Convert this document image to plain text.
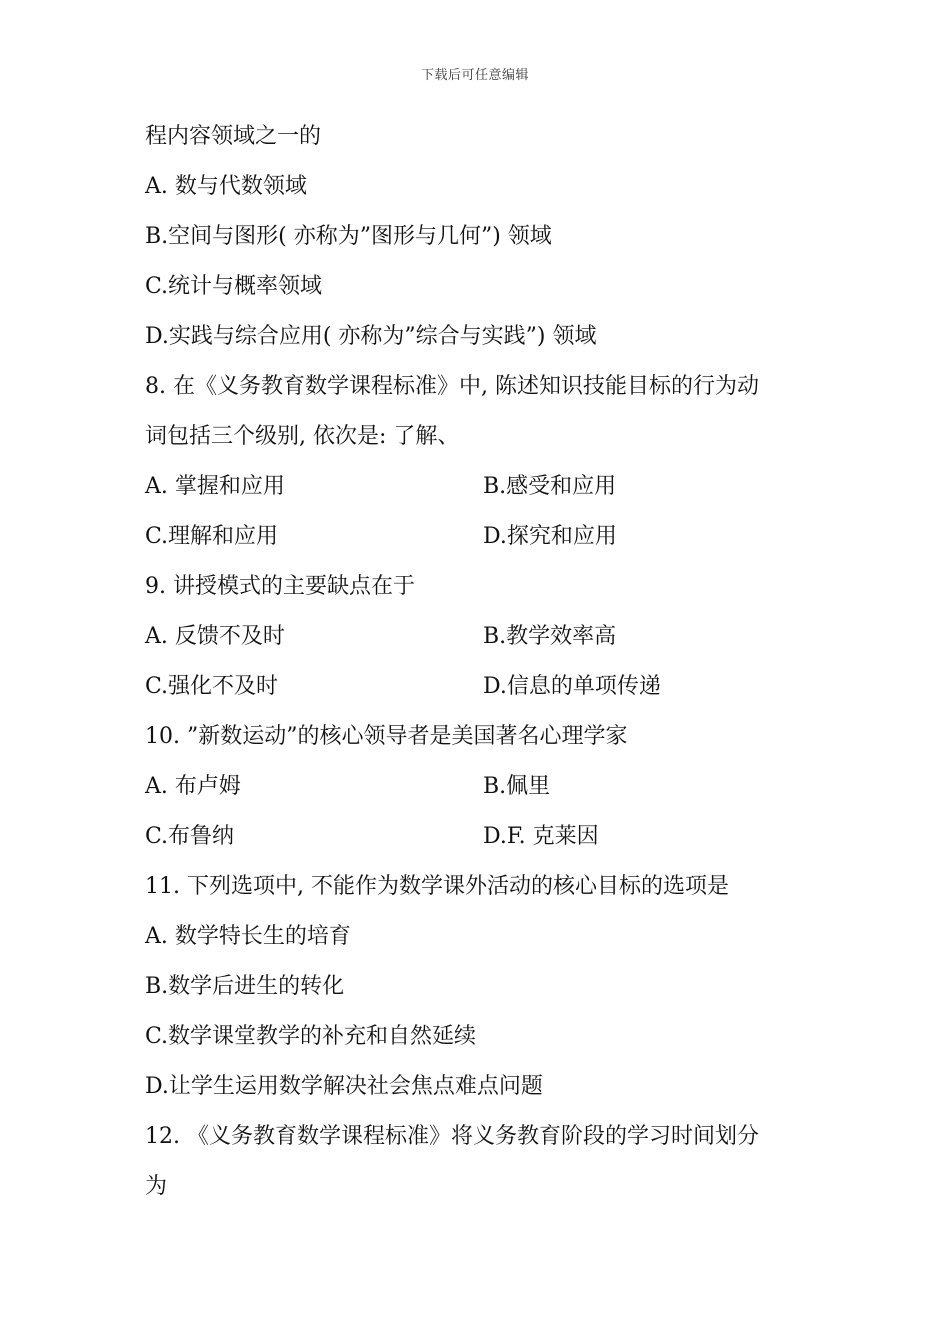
下载后可任意编辑
程内容领域之一的
A. 数与代数领域
B.空间与图形( 亦称为”图形与几何”) 领域
C.统计与概率领域
D.实践与综合应用( 亦称为”综合与实践”) 领域
8. 在《义务教育数学课程标准》中, 陈述知识技能目标的行为动
词包括三个级别, 依次是: 了解、
A. 掌握和应用	B.感受和应用
C.理解和应用	D.探究和应用
9. 讲授模式的主要缺点在于
A. 反馈不及时	B.教学效率高
C.强化不及时	D.信息的单项传递
10. ”新数运动”的核心领导者是美国著名心理学家
A. 布卢姆	B.佩里
C.布鲁纳	D.F. 克莱因
11. 下列选项中, 不能作为数学课外活动的核心目标的选项是
A. 数学特长生的培育
B.数学后进生的转化
C.数学课堂教学的补充和自然延续
D.让学生运用数学解决社会焦点难点问题
12. 《义务教育数学课程标准》将义务教育阶段的学习时间划分
为
